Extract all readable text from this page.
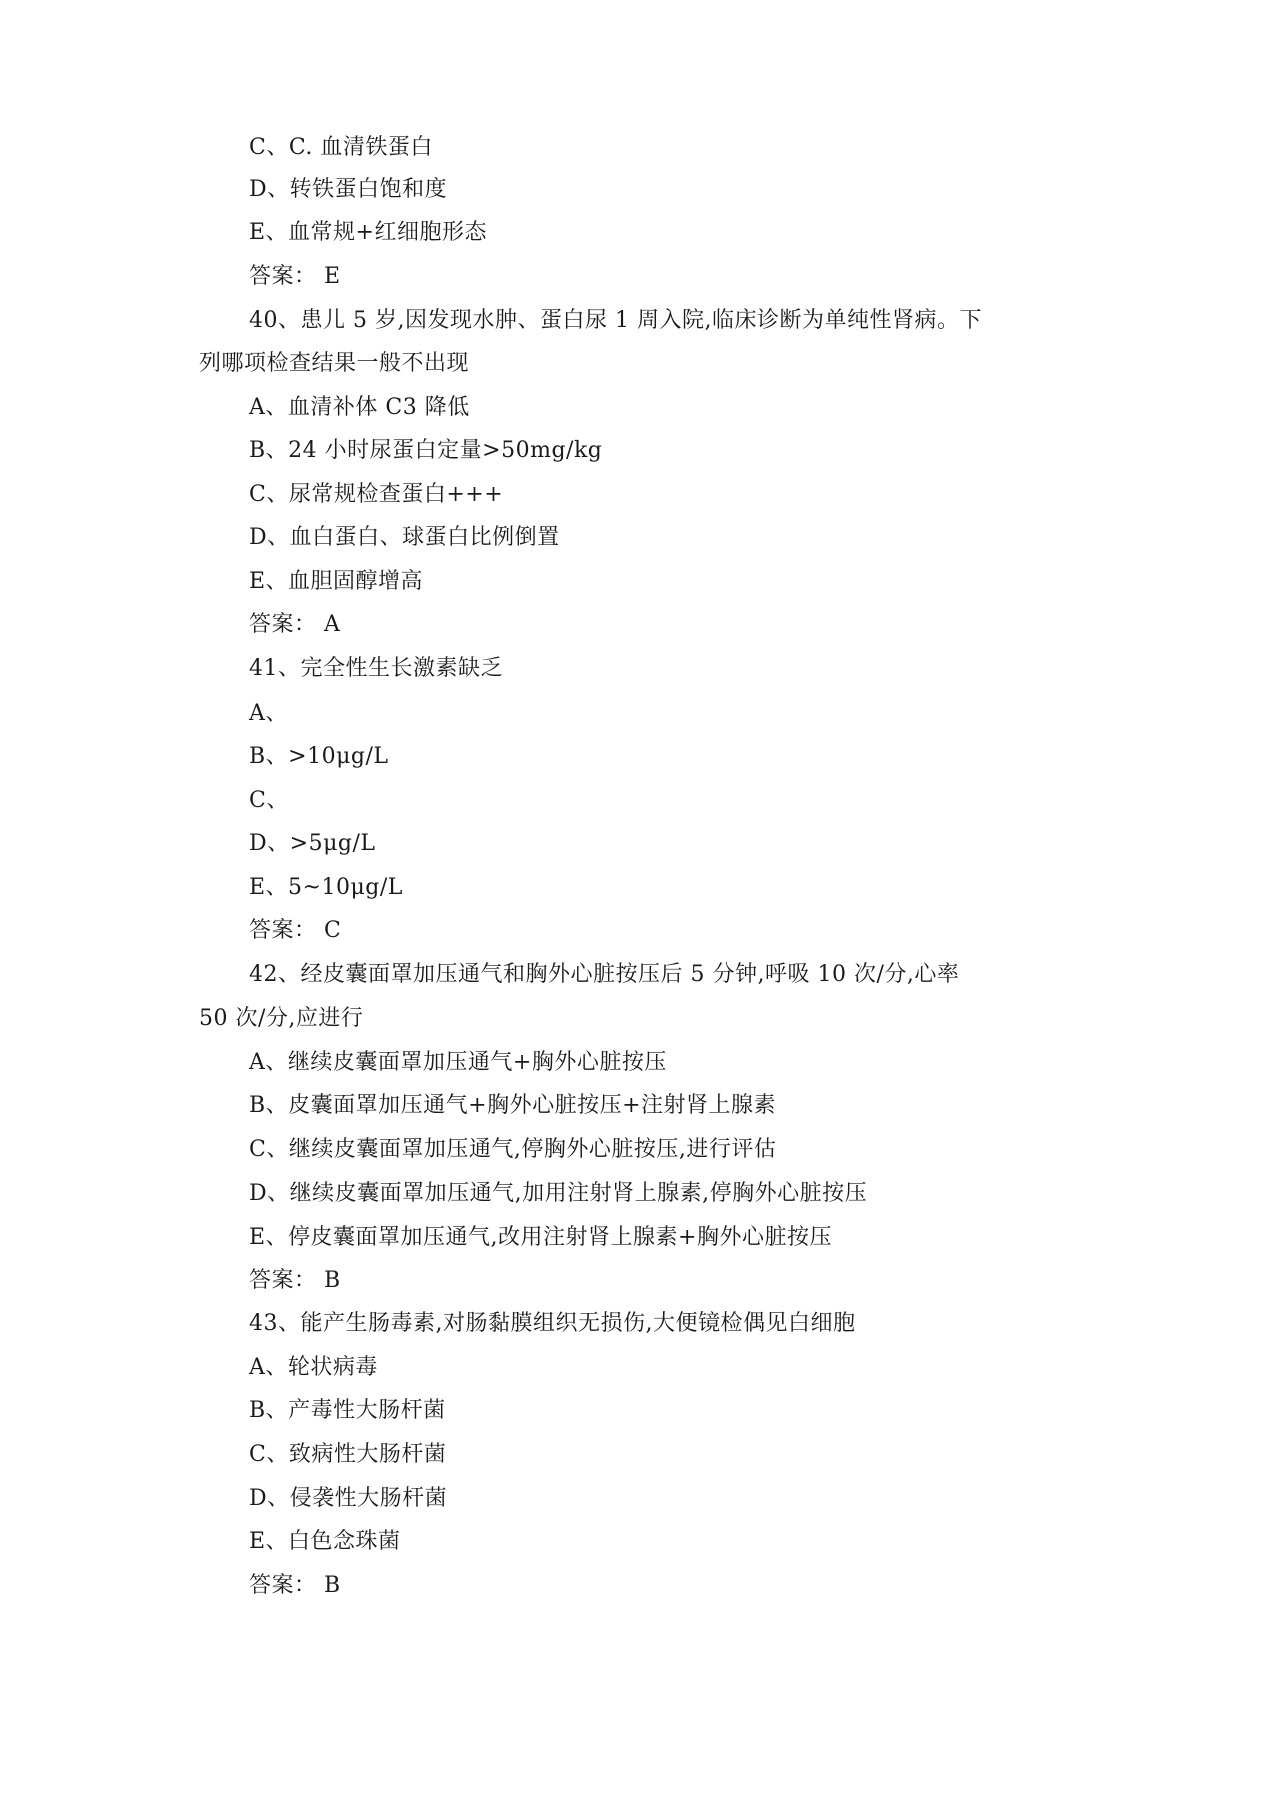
C、C. 血清铁蛋白
D、转铁蛋白饱和度
E、血常规+红细胞形态
答案： E
40、患儿 5 岁,因发现水肿、蛋白尿 1 周入院,临床诊断为单纯性肾病。下
列哪项检查结果一般不出现
A、血清补体 C3 降低
B、24 小时尿蛋白定量>50mg/kg
C、尿常规检查蛋白+++
D、血白蛋白、球蛋白比例倒置
E、血胆固醇增高
答案： A
41、完全性生长激素缺乏
A、
B、>10μg/L
C、
D、>5μg/L
E、5~10μg/L
答案： C
42、经皮囊面罩加压通气和胸外心脏按压后 5 分钟,呼吸 10 次/分,心率
50 次/分,应进行
A、继续皮囊面罩加压通气+胸外心脏按压
B、皮囊面罩加压通气+胸外心脏按压+注射肾上腺素
C、继续皮囊面罩加压通气,停胸外心脏按压,进行评估
D、继续皮囊面罩加压通气,加用注射肾上腺素,停胸外心脏按压
E、停皮囊面罩加压通气,改用注射肾上腺素+胸外心脏按压
答案： B
43、能产生肠毒素,对肠黏膜组织无损伤,大便镜检偶见白细胞
A、轮状病毒
B、产毒性大肠杆菌
C、致病性大肠杆菌
D、侵袭性大肠杆菌
E、白色念珠菌
答案： B
